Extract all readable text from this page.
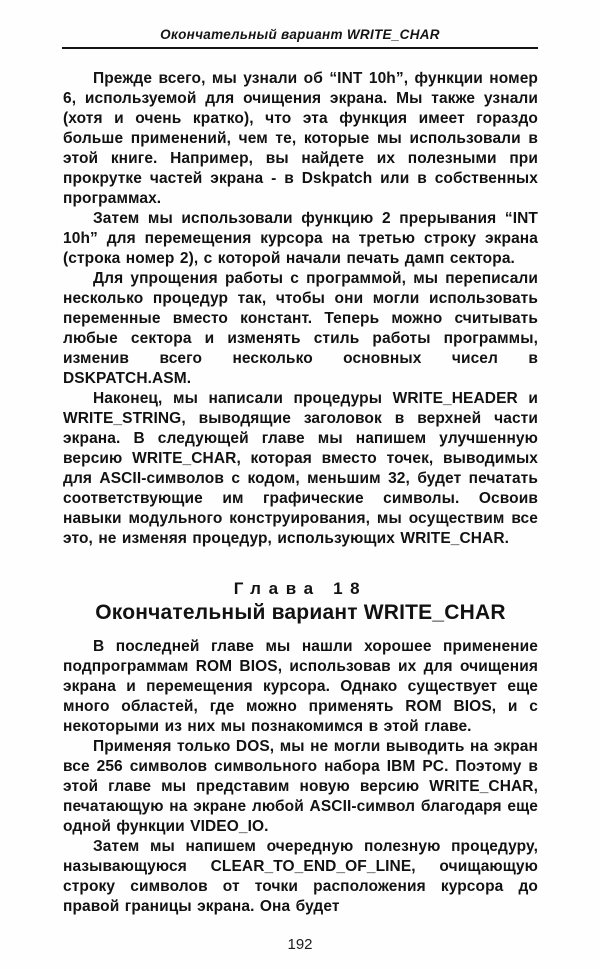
Окончательный вариант WRITE_CHAR

Прежде всего, мы узнали об “INT 10h”, функции номер 6, используемой для очищения экрана. Мы также узнали (хотя и очень кратко), что эта функция имеет гораздо больше применений, чем те, которые мы использовали в этой книге. Например, вы найдете их полезными при прокрутке частей экрана - в Dskpatch или в собственных программах.

Затем мы использовали функцию 2 прерывания “INT 10h” для перемещения курсора на третью строку экрана (строка номер 2), с которой начали печать дамп сектора.

Для упрощения работы с программой, мы переписали несколько процедур так, чтобы они могли использовать переменные вместо констант. Теперь можно считывать любые сектора и изменять стиль работы программы, изменив всего несколько основных чисел в DSKPATCH.ASM.

Наконец, мы написали процедуры WRITE_HEADER и WRITE_STRING, выводящие заголовок в верхней части экрана. В следующей главе мы напишем улучшенную версию WRITE_CHAR, которая вместо точек, выводимых для ASCII-символов с кодом, меньшим 32, будет печатать соответствующие им графические символы. Освоив навыки модульного конструирования, мы осуществим все это, не изменяя процедур, использующих WRITE_CHAR.

Глава 18
Окончательный вариант WRITE_CHAR

В последней главе мы нашли хорошее применение подпрограммам ROM BIOS, использовав их для очищения экрана и перемещения курсора. Однако существует еще много областей, где можно применять ROM BIOS, и с некоторыми из них мы познакомимся в этой главе.

Применяя только DOS, мы не могли выводить на экран все 256 символов символьного набора IBM PC. Поэтому в этой главе мы представим новую версию WRITE_CHAR, печатающую на экране любой ASCII-символ благодаря еще одной функции VIDEO_IO.

Затем мы напишем очередную полезную процедуру, называющуюся CLEAR_TO_END_OF_LINE, очищающую строку символов от точки расположения курсора до правой границы экрана. Она будет

192
